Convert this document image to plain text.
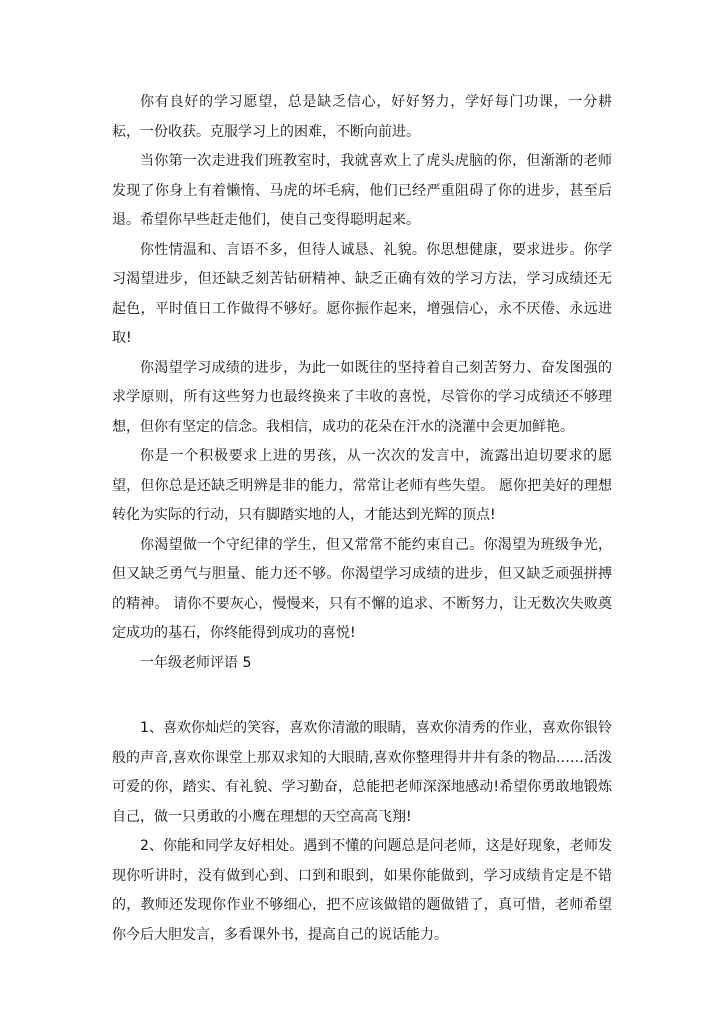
你有良好的学习愿望，总是缺乏信心，好好努力，学好每门功课，一分耕耘，一份收获。克服学习上的困难，不断向前进。

当你第一次走进我们班教室时，我就喜欢上了虎头虎脑的你，但渐渐的老师发现了你身上有着懒惰、马虎的坏毛病，他们已经严重阻碍了你的进步，甚至后退。希望你早些赶走他们，使自己变得聪明起来。

你性情温和、言语不多，但待人诚恳、礼貌。你思想健康，要求进步。你学习渴望进步，但还缺乏刻苦钻研精神、缺乏正确有效的学习方法，学习成绩还无起色，平时值日工作做得不够好。愿你振作起来，增强信心，永不厌倦、永远进取!

你渴望学习成绩的进步，为此一如既往的坚持着自己刻苦努力、奋发图强的求学原则，所有这些努力也最终换来了丰收的喜悦，尽管你的学习成绩还不够理想，但你有坚定的信念。我相信，成功的花朵在汗水的浇灌中会更加鲜艳。

你是一个积极要求上进的男孩，从一次次的发言中，流露出迫切要求的愿望，但你总是还缺乏明辨是非的能力，常常让老师有些失望。 愿你把美好的理想转化为实际的行动，只有脚踏实地的人，才能达到光辉的顶点!

你渴望做一个守纪律的学生，但又常常不能约束自己。你渴望为班级争光，但又缺乏勇气与胆量、能力还不够。你渴望学习成绩的进步，但又缺乏顽强拼搏的精神。 请你不要灰心，慢慢来，只有不懈的追求、不断努力，让无数次失败奠定成功的基石，你终能得到成功的喜悦!

一年级老师评语 5

1、喜欢你灿烂的笑容，喜欢你清澈的眼睛，喜欢你清秀的作业，喜欢你银铃般的声音,喜欢你课堂上那双求知的大眼睛,喜欢你整理得井井有条的物品……活泼可爱的你，踏实、有礼貌、学习勤奋，总能把老师深深地感动!希望你勇敢地锻炼自己，做一只勇敢的小鹰在理想的天空高高飞翔!

2、你能和同学友好相处。遇到不懂的问题总是问老师，这是好现象，老师发现你听讲时，没有做到心到、口到和眼到，如果你能做到，学习成绩肯定是不错的，教师还发现你作业不够细心，把不应该做错的题做错了，真可惜，老师希望你今后大胆发言，多看课外书，提高自己的说话能力。
